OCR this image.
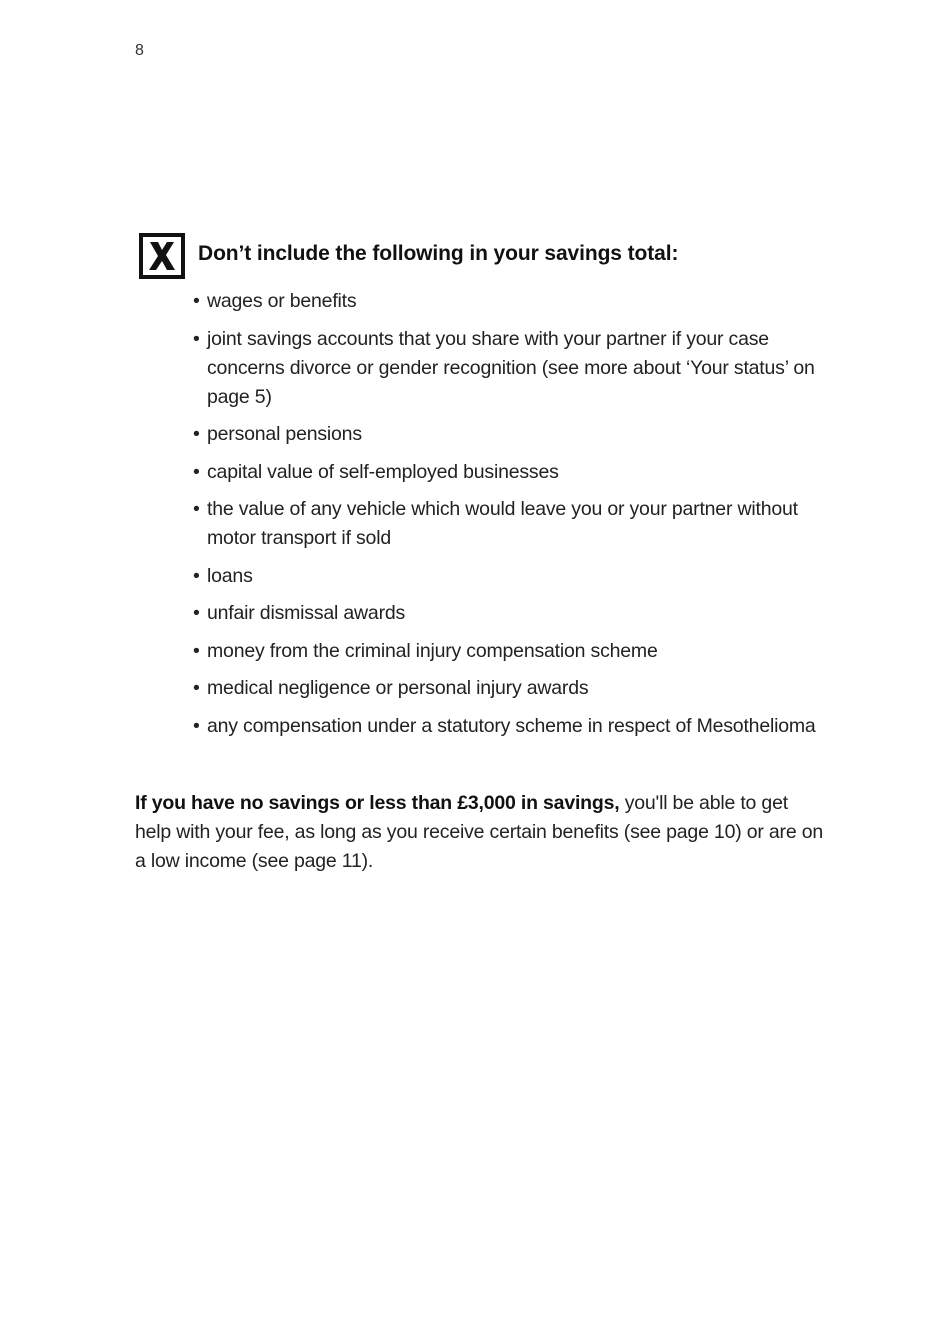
8
Don’t include the following in your savings total:
• wages or benefits
• joint savings accounts that you share with your partner if your case concerns divorce or gender recognition (see more about ‘Your status’ on page 5)
• personal pensions
• capital value of self-employed businesses
• the value of any vehicle which would leave you or your partner without motor transport if sold
• loans
• unfair dismissal awards
• money from the criminal injury compensation scheme
• medical negligence or personal injury awards
• any compensation under a statutory scheme in respect of Mesothelioma

If you have no savings or less than £3,000 in savings, you'll be able to get help with your fee, as long as you receive certain benefits (see page 10) or are on a low income (see page 11).
